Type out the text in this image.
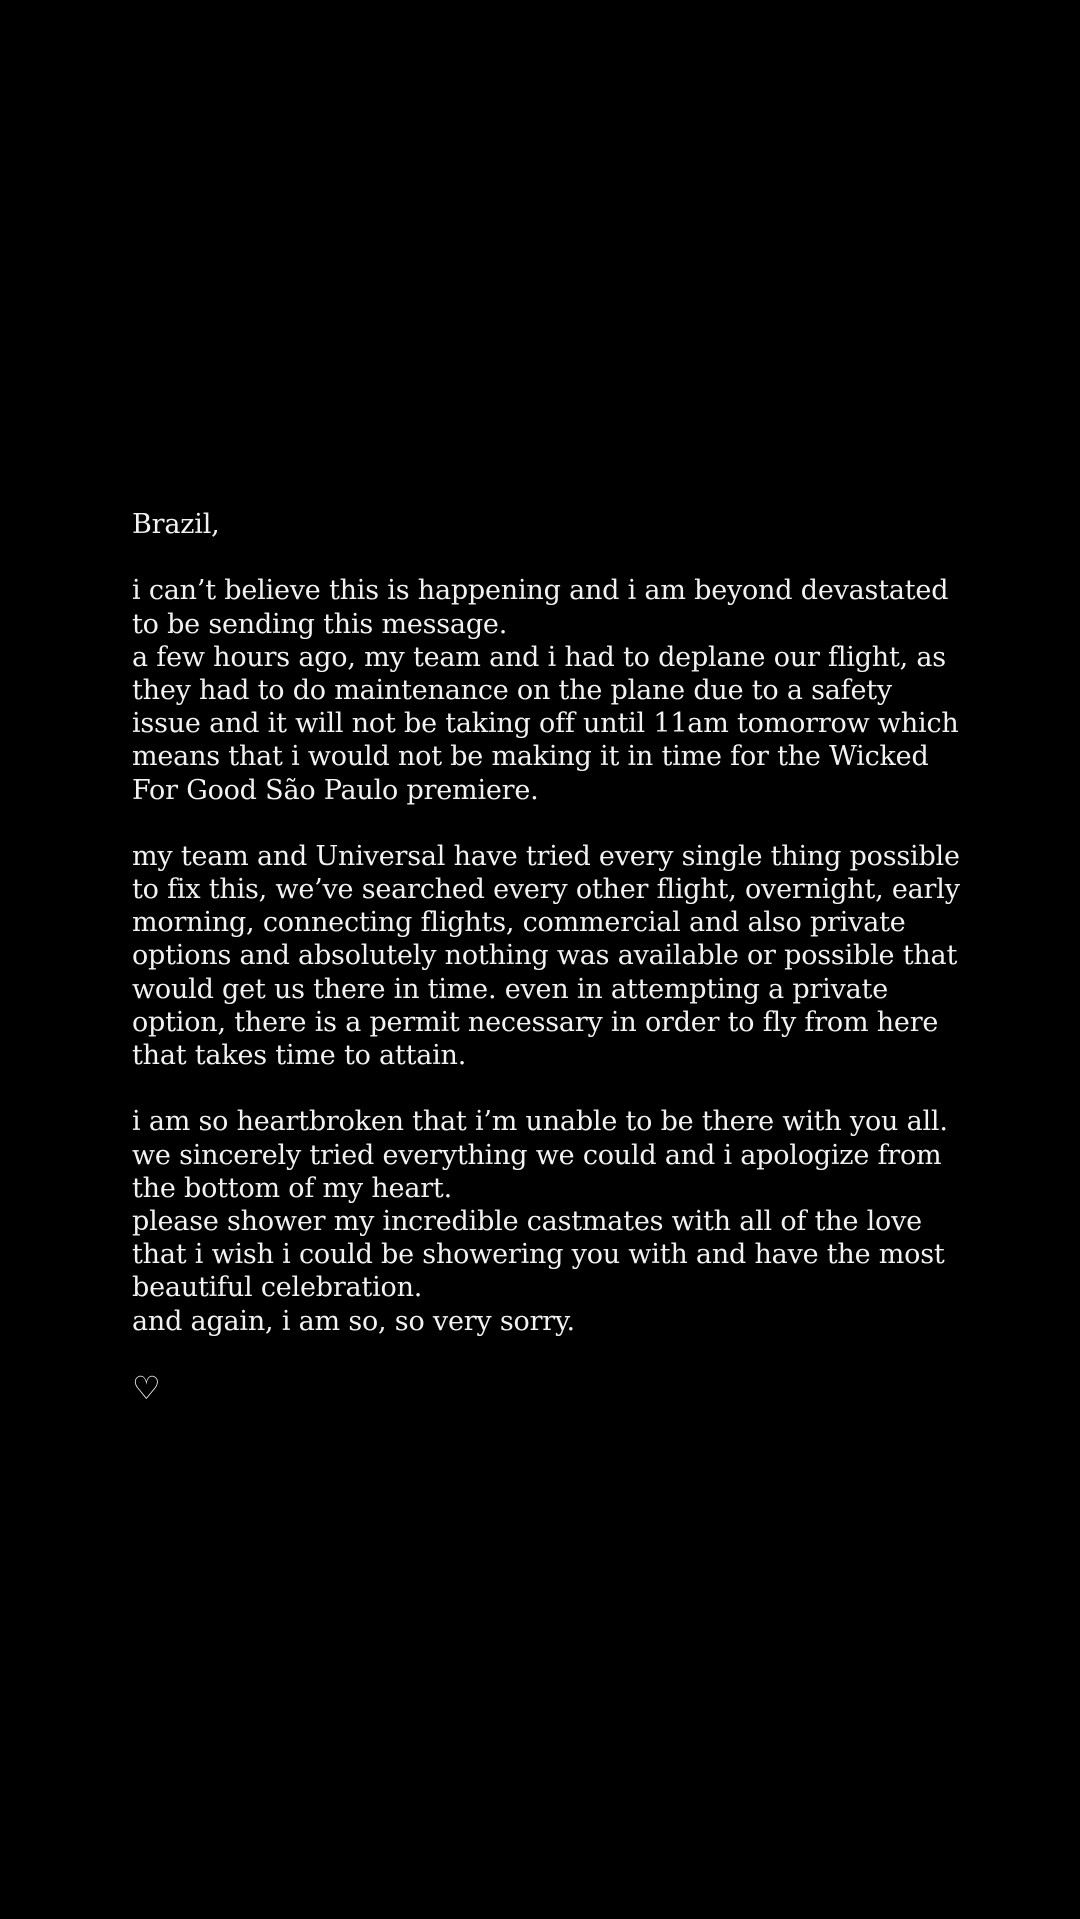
Brazil,
i can’t believe this is happening and i am beyond devastated
to be sending this message.
a few hours ago, my team and i had to deplane our flight, as
they had to do maintenance on the plane due to a safety
issue and it will not be taking off until 11am tomorrow which
means that i would not be making it in time for the Wicked
For Good São Paulo premiere.
my team and Universal have tried every single thing possible
to fix this, we’ve searched every other flight, overnight, early
morning, connecting flights, commercial and also private
options and absolutely nothing was available or possible that
would get us there in time. even in attempting a private
option, there is a permit necessary in order to fly from here
that takes time to attain.
i am so heartbroken that i’m unable to be there with you all.
we sincerely tried everything we could and i apologize from
the bottom of my heart.
please shower my incredible castmates with all of the love
that i wish i could be showering you with and have the most
beautiful celebration.
and again, i am so, so very sorry.
♡
